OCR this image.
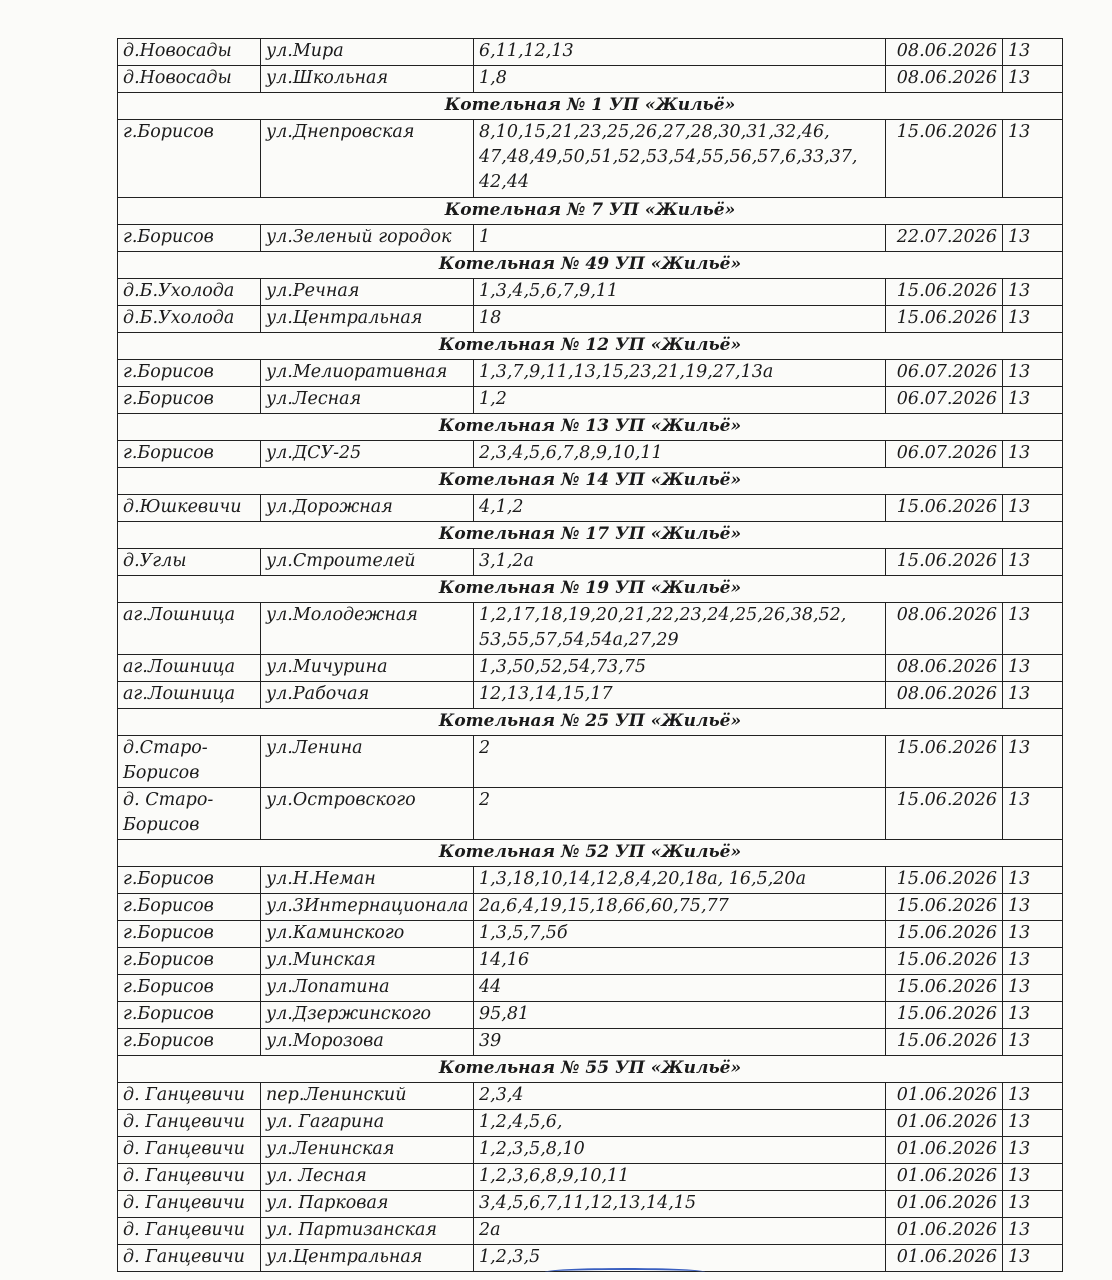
д.Новосады	ул.Мира	6,11,12,13	08.06.2026	13
д.Новосады	ул.Школьная	1,8	08.06.2026	13
Котельная № 1 УП «Жильё»				
г.Борисов	ул.Днепровская	8,10,15,21,23,25,26,27,28,30,31,32,46, 47,48,49,50,51,52,53,54,55,56,57,6,33,37, 42,44	15.06.2026	13
Котельная № 7 УП «Жильё»				
г.Борисов	ул.Зеленый городок	1	22.07.2026	13
Котельная № 49 УП «Жильё»				
д.Б.Ухолода	ул.Речная	1,3,4,5,6,7,9,11	15.06.2026	13
д.Б.Ухолода	ул.Центральная	18	15.06.2026	13
Котельная № 12 УП «Жильё»				
г.Борисов	ул.Мелиоративная	1,3,7,9,11,13,15,23,21,19,27,13а	06.07.2026	13
г.Борисов	ул.Лесная	1,2	06.07.2026	13
Котельная № 13 УП «Жильё»				
г.Борисов	ул.ДСУ-25	2,3,4,5,6,7,8,9,10,11	06.07.2026	13
Котельная № 14 УП «Жильё»				
д.Юшкевичи	ул.Дорожная	4,1,2	15.06.2026	13
Котельная № 17 УП «Жильё»				
д.Углы	ул.Строителей	3,1,2а	15.06.2026	13
Котельная № 19 УП «Жильё»				
аг.Лошница	ул.Молодежная	1,2,17,18,19,20,21,22,23,24,25,26,38,52, 53,55,57,54,54а,27,29	08.06.2026	13
аг.Лошница	ул.Мичурина	1,3,50,52,54,73,75	08.06.2026	13
аг.Лошница	ул.Рабочая	12,13,14,15,17	08.06.2026	13
Котельная № 25 УП «Жильё»				
д.Старо-Борисов	ул.Ленина	2	15.06.2026	13
д. Старо-Борисов	ул.Островского	2	15.06.2026	13
Котельная № 52 УП «Жильё»				
г.Борисов	ул.Н.Неман	1,3,18,10,14,12,8,4,20,18а, 16,5,20а	15.06.2026	13
г.Борисов	ул.3Интернационала	2а,6,4,19,15,18,66,60,75,77	15.06.2026	13
г.Борисов	ул.Каминского	1,3,5,7,5б	15.06.2026	13
г.Борисов	ул.Минская	14,16	15.06.2026	13
г.Борисов	ул.Лопатина	44	15.06.2026	13
г.Борисов	ул.Дзержинского	95,81	15.06.2026	13
г.Борисов	ул.Морозова	39	15.06.2026	13
Котельная № 55 УП «Жильё»				
д. Ганцевичи	пер.Ленинский	2,3,4	01.06.2026	13
д. Ганцевичи	ул. Гагарина	1,2,4,5,6,	01.06.2026	13
д. Ганцевичи	ул.Ленинская	1,2,3,5,8,10	01.06.2026	13
д. Ганцевичи	ул. Лесная	1,2,3,6,8,9,10,11	01.06.2026	13
д. Ганцевичи	ул. Парковая	3,4,5,6,7,11,12,13,14,15	01.06.2026	13
д. Ганцевичи	ул. Партизанская	2а	01.06.2026	13
д. Ганцевичи	ул.Центральная	1,2,3,5	01.06.2026	13
